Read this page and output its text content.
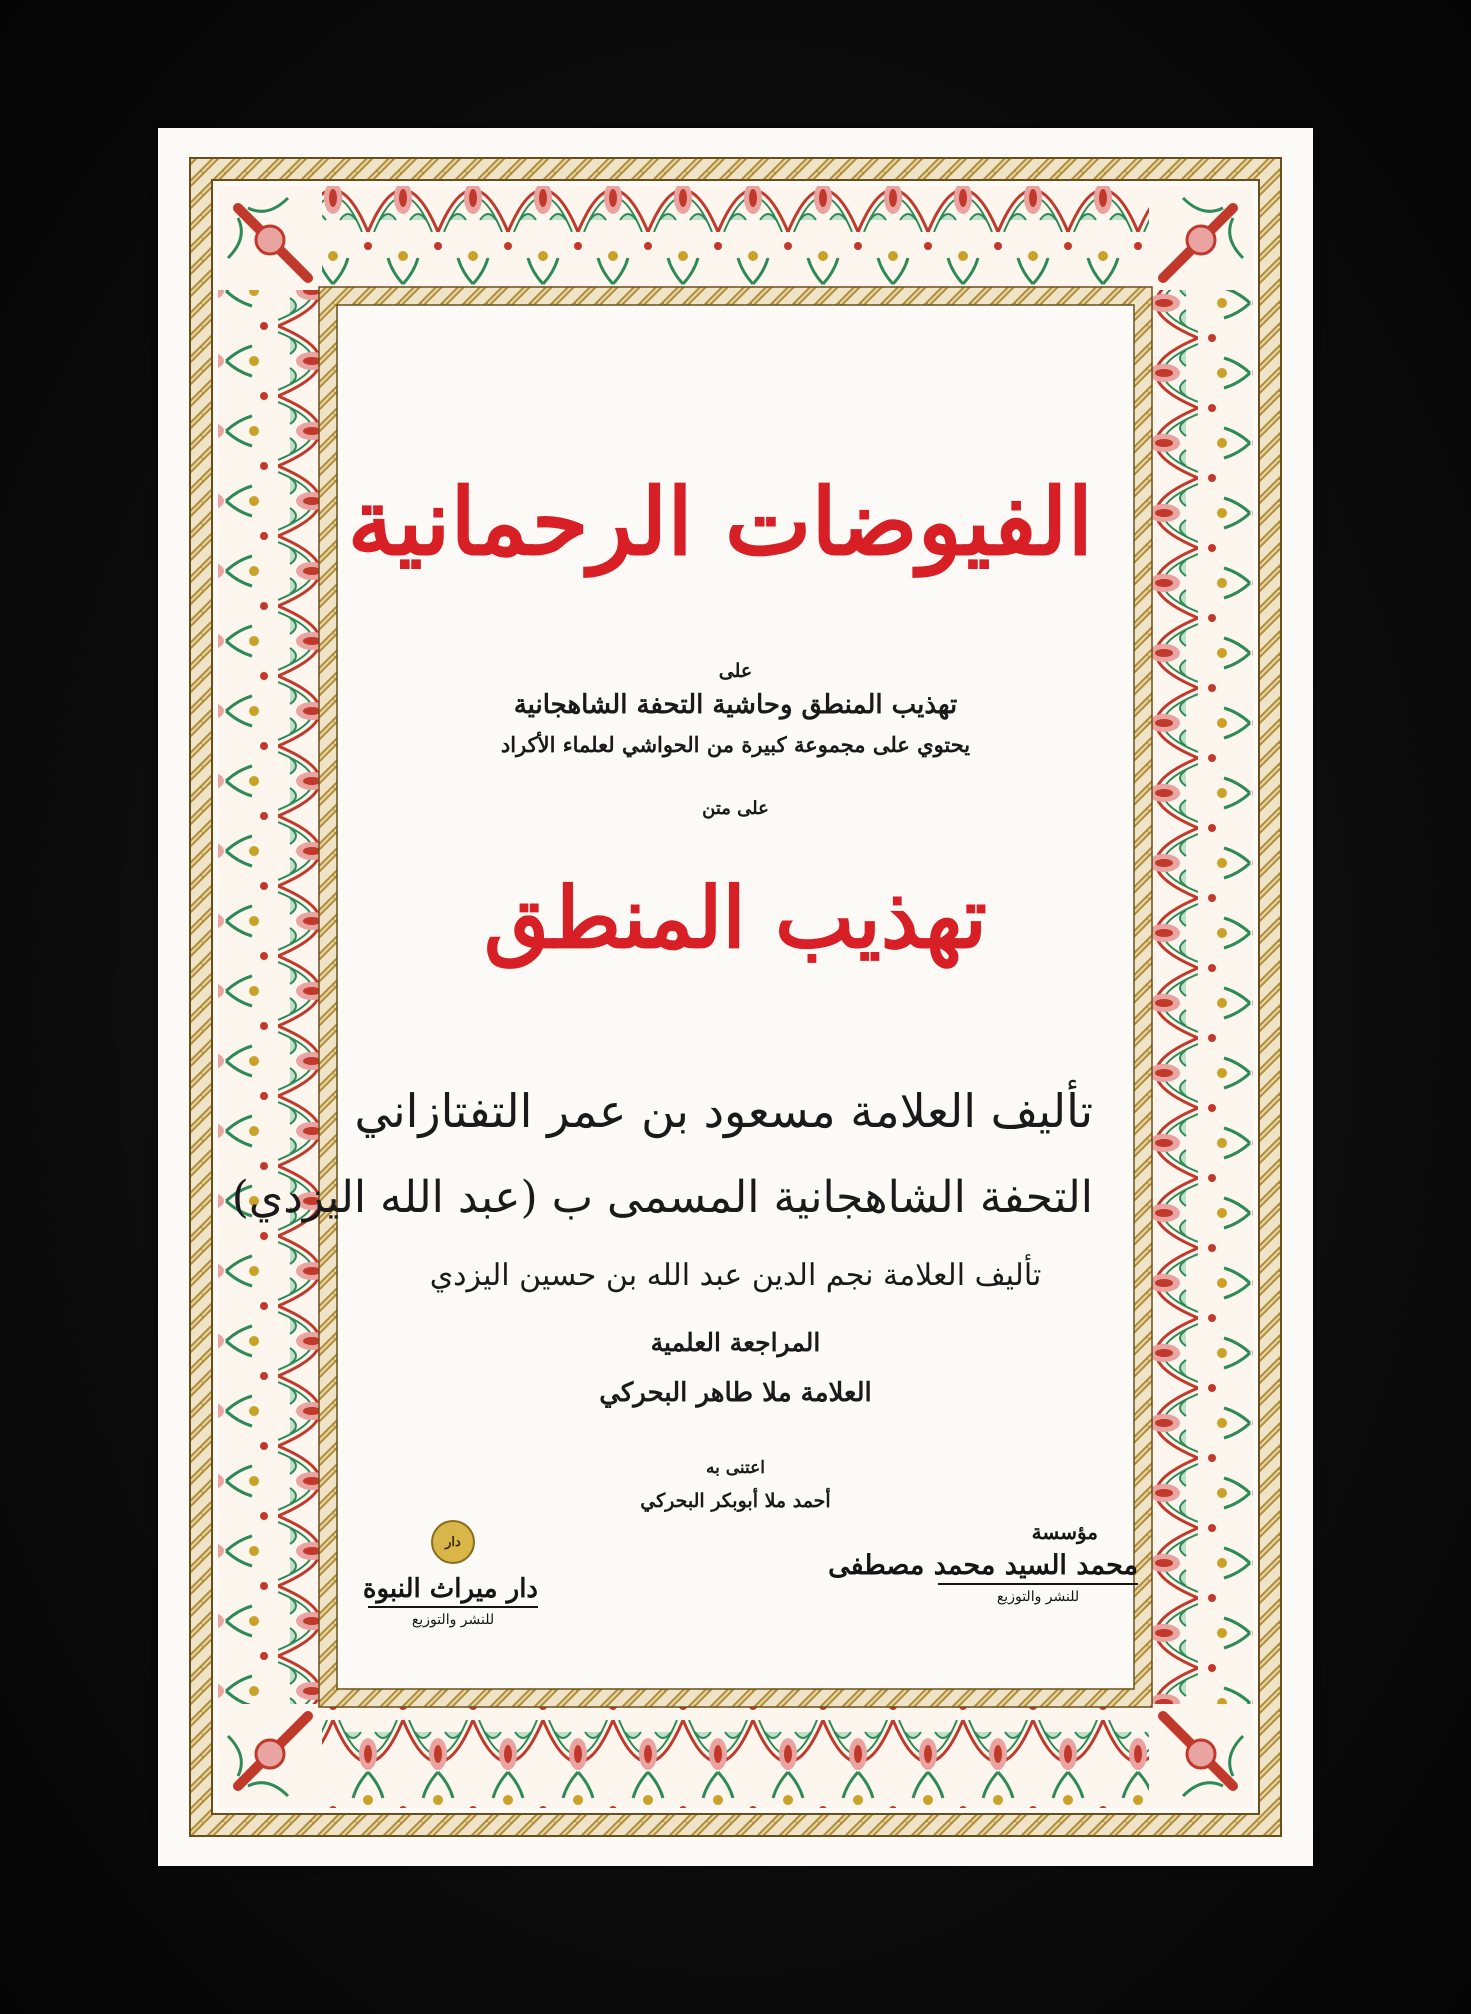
الفيوضات الرحمانية
على
تهذيب المنطق وحاشية التحفة الشاهجانية
يحتوي على مجموعة كبيرة من الحواشي لعلماء الأكراد
على متن
تهذيب المنطق
تأليف العلامة مسعود بن عمر التفتازاني
التحفة الشاهجانية المسمى ب (عبد الله اليزدي)
تأليف العلامة نجم الدين عبد الله بن حسين اليزدي
المراجعة العلمية
العلامة ملا طاهر البحركي
اعتنى به
أحمد ملا أبوبكر البحركي
مؤسسة
محمد السيد محمد مصطفى
للنشر والتوزيع
دار
دار ميراث النبوة
للنشر والتوزيع
